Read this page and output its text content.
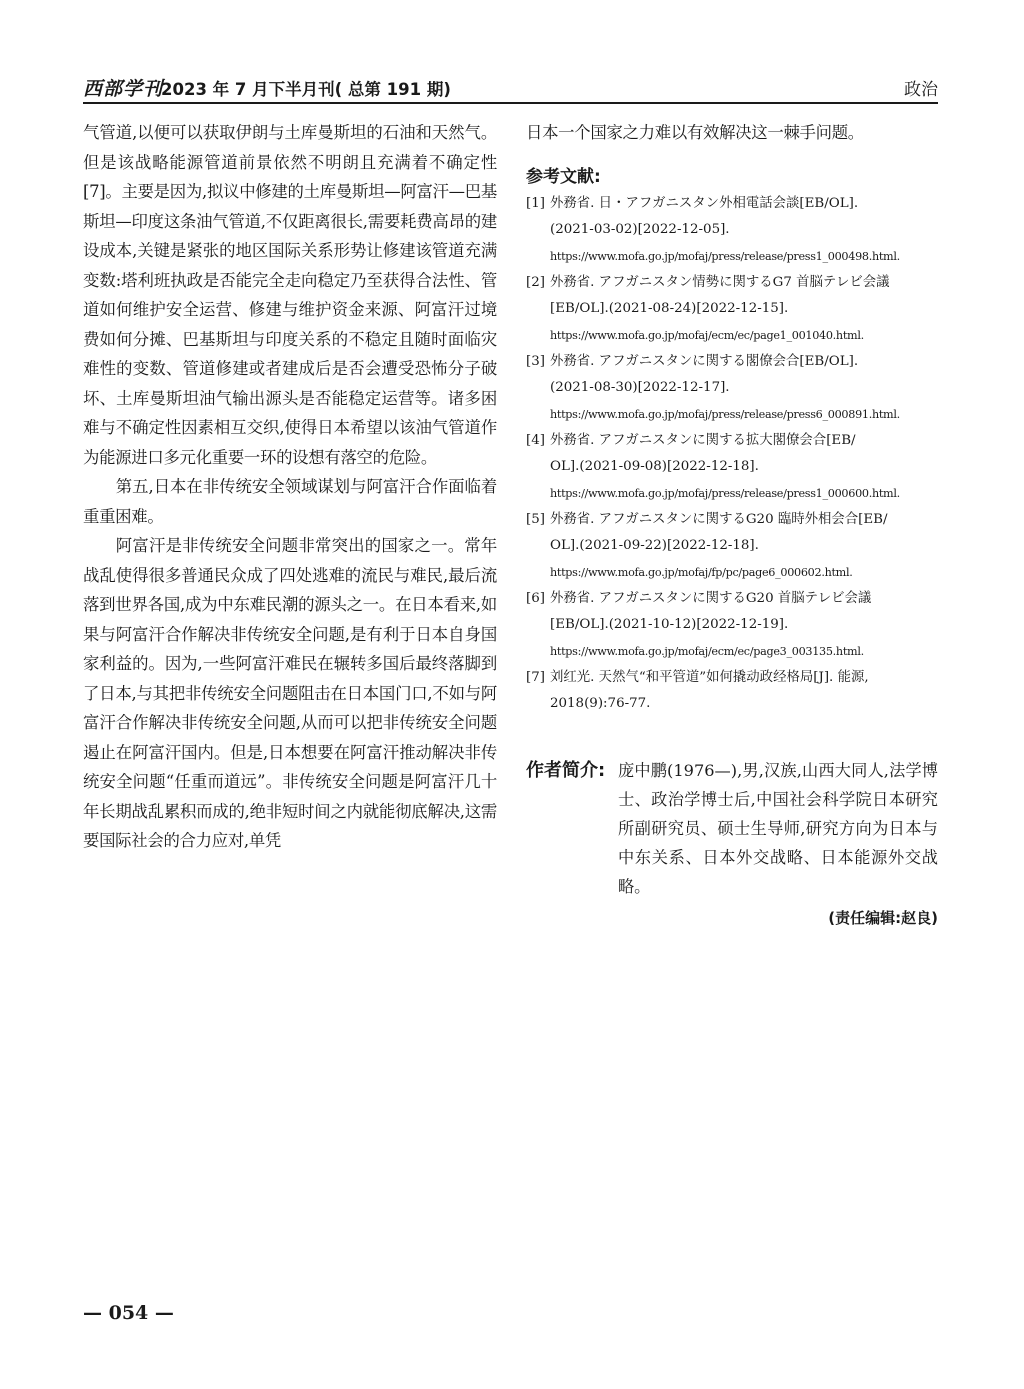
西部学刊
2023 年 7 月下半月刊( 总第 191 期)	政治

气管道,以便可以获取伊朗与土库曼斯坦的石油和天然气。但是该战略能源管道前景依然不明朗且充满着不确定性[7]。主要是因为,拟议中修建的土库曼斯坦—阿富汗—巴基斯坦—印度这条油气管道,不仅距离很长,需要耗费高昂的建设成本,关键是紧张的地区国际关系形势让修建该管道充满变数:塔利班执政是否能完全走向稳定乃至获得合法性、管道如何维护安全运营、修建与维护资金来源、阿富汗过境费如何分摊、巴基斯坦与印度关系的不稳定且随时面临灾难性的变数、管道修建或者建成后是否会遭受恐怖分子破坏、土库曼斯坦油气输出源头是否能稳定运营等。诸多困难与不确定性因素相互交织,使得日本希望以该油气管道作为能源进口多元化重要一环的设想有落空的危险。

第五,日本在非传统安全领域谋划与阿富汗合作面临着重重困难。

阿富汗是非传统安全问题非常突出的国家之一。常年战乱使得很多普通民众成了四处逃难的流民与难民,最后流落到世界各国,成为中东难民潮的源头之一。在日本看来,如果与阿富汗合作解决非传统安全问题,是有利于日本自身国家利益的。因为,一些阿富汗难民在辗转多国后最终落脚到了日本,与其把非传统安全问题阻击在日本国门口,不如与阿富汗合作解决非传统安全问题,从而可以把非传统安全问题遏止在阿富汗国内。但是,日本想要在阿富汗推动解决非传统安全问题“任重而道远”。非传统安全问题是阿富汗几十年长期战乱累积而成的,绝非短时间之内就能彻底解决,这需要国际社会的合力应对,单凭

日本一个国家之力难以有效解决这一棘手问题。

参考文献:
[1] 外務省. 日・アフガニスタン外相電話会談[EB/OL].
(2021-03-02)[2022-12-05].
https://www.mofa.go.jp/mofaj/press/release/press1_000498.html.
[2] 外務省. アフガニスタン情勢に関するG7 首脳テレビ会議
[EB/OL].(2021-08-24)[2022-12-15].
https://www.mofa.go.jp/mofaj/ecm/ec/page1_001040.html.
[3] 外務省. アフガニスタンに関する閣僚会合[EB/OL].
(2021-08-30)[2022-12-17].
https://www.mofa.go.jp/mofaj/press/release/press6_000891.html.
[4] 外務省. アフガニスタンに関する拡大閣僚会合[EB/
OL].(2021-09-08)[2022-12-18].
https://www.mofa.go.jp/mofaj/press/release/press1_000600.html.
[5] 外務省. アフガニスタンに関するG20 臨時外相会合[EB/
OL].(2021-09-22)[2022-12-18].
https://www.mofa.go.jp/mofaj/fp/pc/page6_000602.html.
[6] 外務省. アフガニスタンに関するG20 首脳テレビ会議
[EB/OL].(2021-10-12)[2022-12-19].
https://www.mofa.go.jp/mofaj/ecm/ec/page3_003135.html.
[7] 刘红光. 天然气“和平管道”如何撬动政经格局[J]. 能源,
2018(9):76-77.
作者简介: 庞中鹏(1976—),男,汉族,山西大同人,法学博士、政治学博士后,中国社会科学院日本研究所副研究员、硕士生导师,研究方向为日本与中东关系、日本外交战略、日本能源外交战略。
(责任编辑:赵良)
— 054 —
